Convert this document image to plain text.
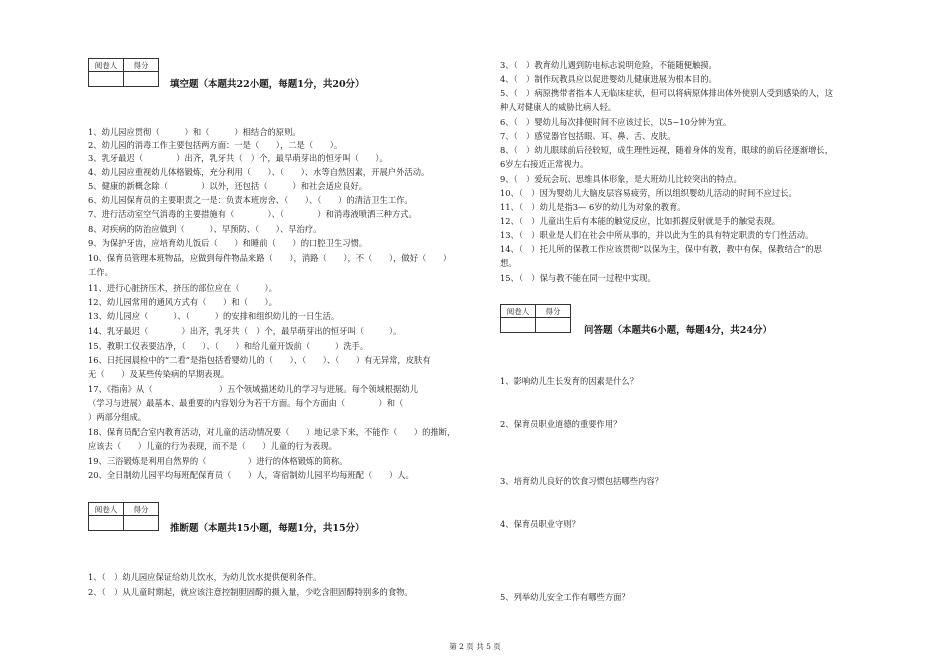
阅卷人	得分

填空题（本题共22小题，每题1分，共20分）
1、幼儿园应贯彻（　　　）和（　　　）相结合的原则。
2、幼儿园的消毒工作主要包括两方面：一是（　　），二是（　　）。
3、乳牙最迟（　　　　）出齐，乳牙共（　）个，最早萌芽出的恒牙叫（　　）。
4、幼儿园应重视幼儿体格锻炼，充分利用（　　）、（　　）、水等自然因素，开展户外活动。
5、健康的新概念除（　　　　）以外，还包括（　　　）和社会适应良好。
6、幼儿园保育员的主要职责之一是：负责本班房舍、（　　）、（　　）的清洁卫生工作。
7、进行活动室空气消毒的主要措施有（　　　　）、（　　　　）和消毒液喷洒三种方式。
8、对疾病的防治应做到（　　　）、早预防、（　　）、早治疗。
9、为保护牙齿，应培育幼儿饭后（　　）和睡前（　　）的口腔卫生习惯。
10、保育员管理本班物品，应做到每件物品来路（　　），消路（　　），不（　　），做好（　　）
工作。
11、进行心脏挤压术，挤压的部位应在（　　　）。
12、幼儿园常用的通风方式有（　　）和（　　）。
13、幼儿园应（　　　）、（　　　）的安排和组织幼儿的一日生活。
14、乳牙最迟（　　　　）出齐，乳牙共（　）个，最早萌芽出的恒牙叫（　　　）。
15、教职工仪表要洁净，（　　）、（　　）和给儿童开饭前（　　　）洗手。
16、日托园晨检中的“二看”是指包括看婴幼儿的（　　）、（　　）、（　　）有无异常，皮肤有
无（　　）及某些传染病的早期表现。
17、《指南》从（　　　　　　　　）五个领域描述幼儿的学习与进展。每个领域根据幼儿
（学习与进展）最基本、最重要的内容划分为若干方面。每个方面由（　　　　）和（　　　
）两部分组成。
18、保育员配合室内教育活动，对儿童的活动情况要（　　）地记录下来，不能作（　　）的推断，
应该去（　　）儿童的行为表现，而不是（　　）儿童的行为表现。
19、三浴锻炼是利用自然界的（　　　　　）进行的体格锻炼的简称。
20、全日制幼儿园平均每班配保育员（　　）人，寄宿制幼儿园平均每班配（　　）人。
阅卷人	得分

推断题（本题共15小题，每题1分，共15分）
1、（　）幼儿园应保证给幼儿饮水，为幼儿饮水提供便利条件。
2、（　）从儿童时期起，就应该注意控制胆固醇的摄入量，少吃含胆固醇特别多的食物。
3、（　）教育幼儿遇到防电标志说明危险，不能随便触摸。
4、（　）制作玩教具应以促进婴幼儿健康进展为根本目的。
5、（　）病原携带者指本人无临床症状，但可以将病原体排出体外使别人受到感染的人，这
种人对健康人的威胁比病人轻。
6、（　）婴幼儿每次排便时间不应该过长，以5~10分钟为宜。
7、（　）感觉器官包括眼、耳、鼻、舌、皮肤。
8、（　）幼儿眼球前后径较短，成生理性远视，随着身体的发育，眼球的前后径逐渐增长，
6岁左右接近正常视力。
9、（　）爱玩会玩、思维具体形象，是大班幼儿比较突出的特点。
10、（　）因为婴幼儿大脑皮层容易疲劳，所以组织婴幼儿活动的时间不应过长。
11、（　）幼儿是指3— 6岁的幼儿为对象的教育。
12、（　）儿童出生后有本能的触觉反应，比如抓握反射就是手的触觉表现。
13、（　）职业是人们在社会中所从事的，并以此为生的具有特定职责的专门性活动。
14、（　）托儿所的保教工作应该贯彻“以保为主，保中有教，教中有保，保教结合”的思
想。
15、（　）保与教不能在同一过程中实现。
阅卷人	得分

问答题（本题共6小题，每题4分，共24分）
1、影响幼儿生长发育的因素是什么？
2、保育员职业道德的重要作用？
3、培育幼儿良好的饮食习惯包括哪些内容？
4、保育员职业守则？
5、列举幼儿安全工作有哪些方面？
第 2 页 共 5 页
